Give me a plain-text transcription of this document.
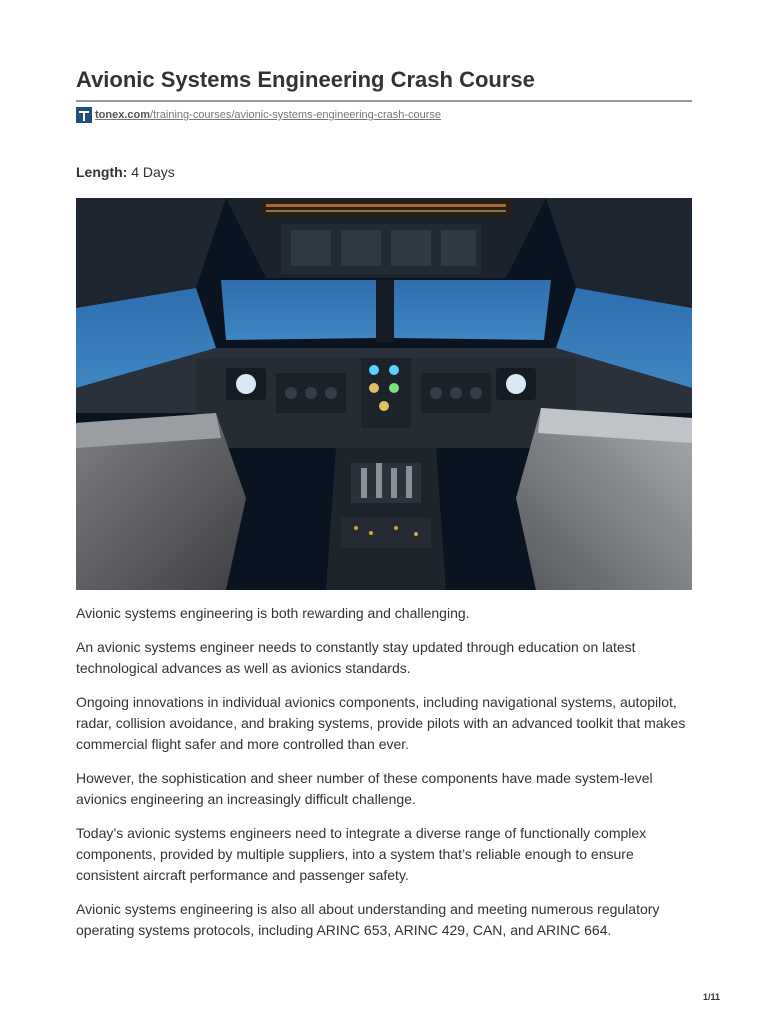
Avionic Systems Engineering Crash Course
tonex.com/training-courses/avionic-systems-engineering-crash-course
Length: 4 Days

Avionic systems engineering is both rewarding and challenging.

An avionic systems engineer needs to constantly stay updated through education on latest technological advances as well as avionics standards.

Ongoing innovations in individual avionics components, including navigational systems, autopilot, radar, collision avoidance, and braking systems, provide pilots with an advanced toolkit that makes commercial flight safer and more controlled than ever.

However, the sophistication and sheer number of these components have made system-level avionics engineering an increasingly difficult challenge.

Today’s avionic systems engineers need to integrate a diverse range of functionally complex components, provided by multiple suppliers, into a system that’s reliable enough to ensure consistent aircraft performance and passenger safety.

Avionic systems engineering is also all about understanding and meeting numerous regulatory operating systems protocols, including ARINC 653, ARINC 429, CAN, and ARINC 664.

1/11
